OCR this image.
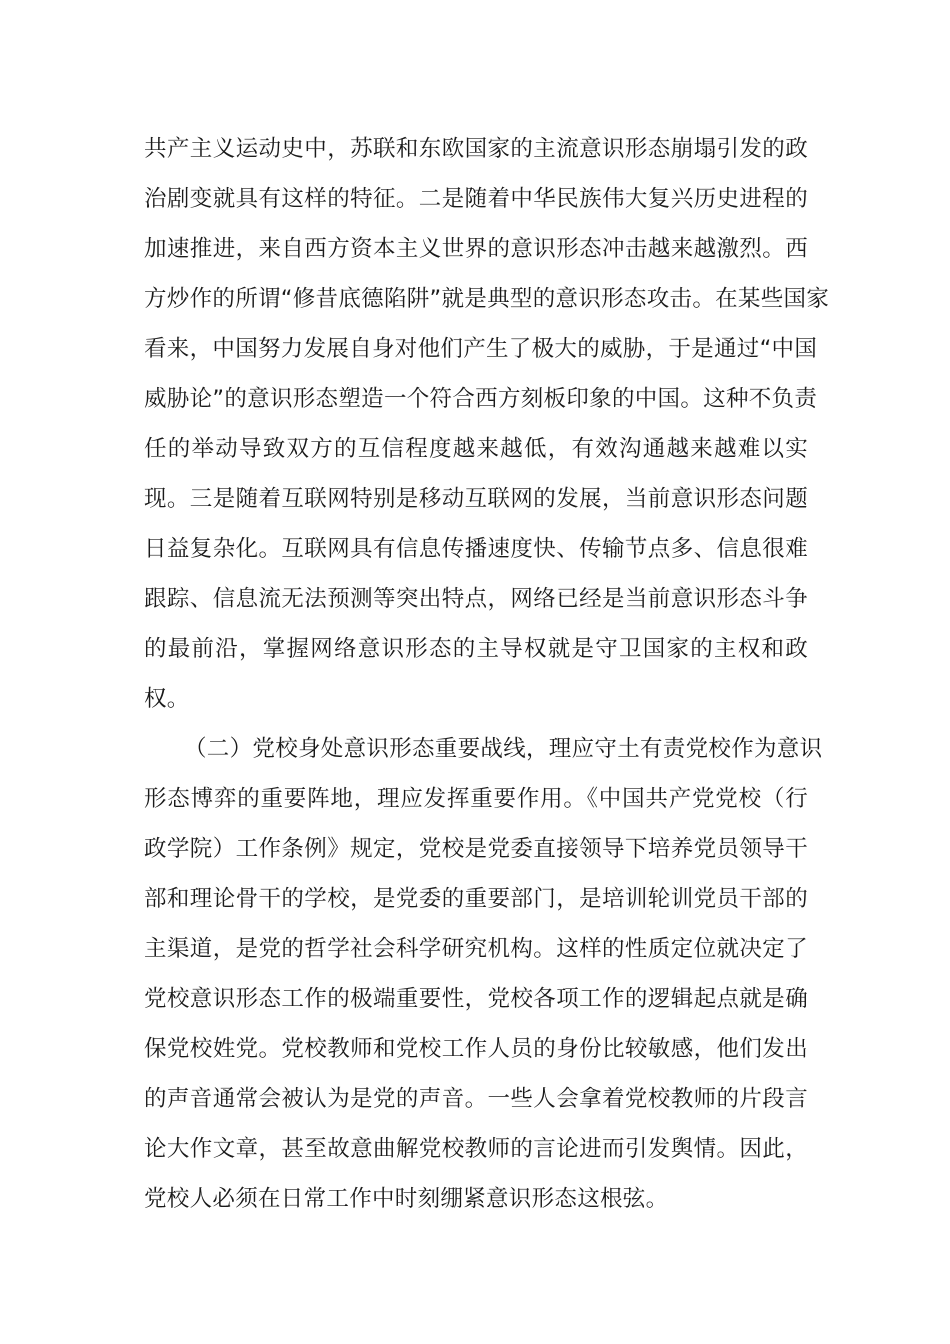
共产主义运动史中，苏联和东欧国家的主流意识形态崩塌引发的政
治剧变就具有这样的特征。二是随着中华民族伟大复兴历史进程的
加速推进，来自西方资本主义世界的意识形态冲击越来越激烈。西
方炒作的所谓“修昔底德陷阱”就是典型的意识形态攻击。在某些国家
看来，中国努力发展自身对他们产生了极大的威胁，于是通过“中国
威胁论”的意识形态塑造一个符合西方刻板印象的中国。这种不负责
任的举动导致双方的互信程度越来越低，有效沟通越来越难以实
现。三是随着互联网特别是移动互联网的发展，当前意识形态问题
日益复杂化。互联网具有信息传播速度快、传输节点多、信息很难
跟踪、信息流无法预测等突出特点，网络已经是当前意识形态斗争
的最前沿，掌握网络意识形态的主导权就是守卫国家的主权和政
权。
（二）党校身处意识形态重要战线，理应守土有责党校作为意识
形态博弈的重要阵地，理应发挥重要作用。《中国共产党党校（行
政学院）工作条例》规定，党校是党委直接领导下培养党员领导干
部和理论骨干的学校，是党委的重要部门，是培训轮训党员干部的
主渠道，是党的哲学社会科学研究机构。这样的性质定位就决定了
党校意识形态工作的极端重要性，党校各项工作的逻辑起点就是确
保党校姓党。党校教师和党校工作人员的身份比较敏感，他们发出
的声音通常会被认为是党的声音。一些人会拿着党校教师的片段言
论大作文章，甚至故意曲解党校教师的言论进而引发舆情。因此，
党校人必须在日常工作中时刻绷紧意识形态这根弦。
